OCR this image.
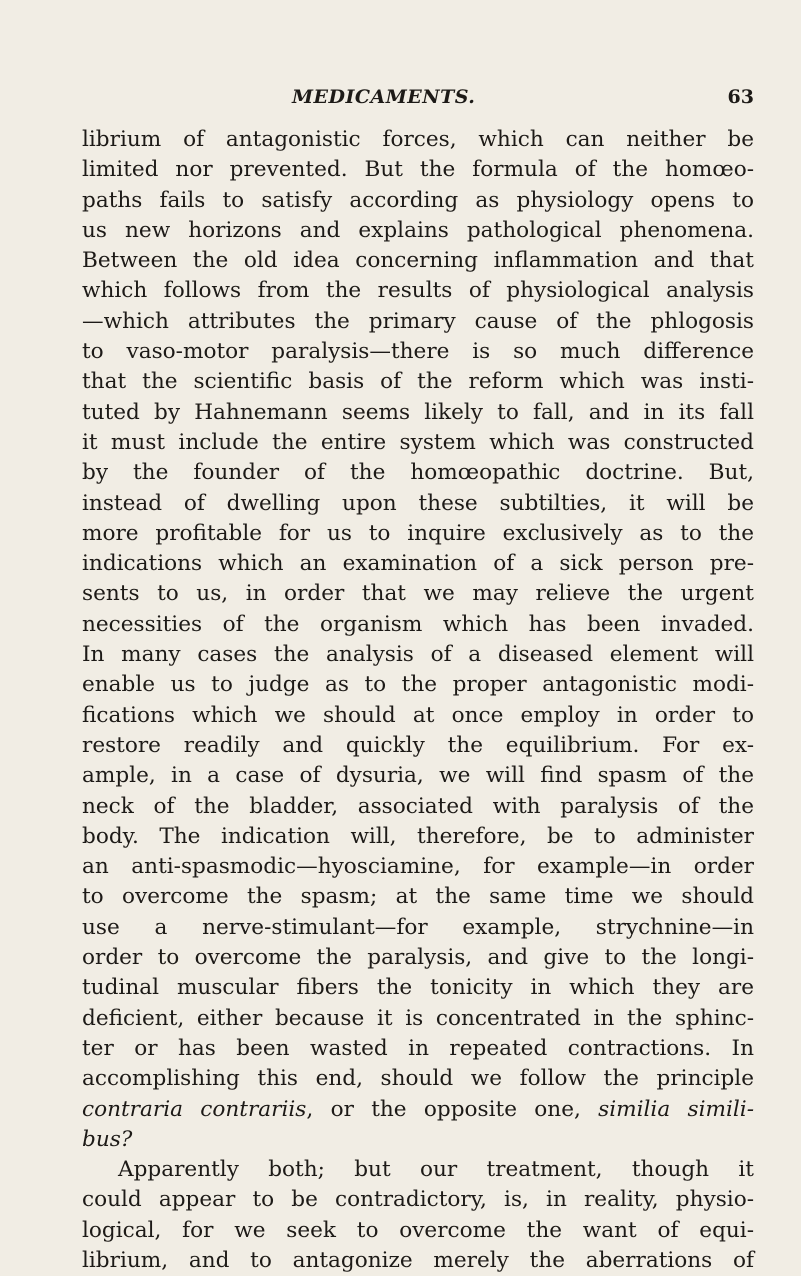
MEDICAMENTS.	63
librium of antagonistic forces, which can neither be
limited nor prevented. But the formula of the homœo-
paths fails to satisfy according as physiology opens to
us new horizons and explains pathological phenomena.
Between the old idea concerning inflammation and that
which follows from the results of physiological analysis
—which attributes the primary cause of the phlogosis
to vaso-motor paralysis—there is so much difference
that the scientific basis of the reform which was insti-
tuted by Hahnemann seems likely to fall, and in its fall
it must include the entire system which was constructed
by the founder of the homœopathic doctrine. But,
instead of dwelling upon these subtilties, it will be
more profitable for us to inquire exclusively as to the
indications which an examination of a sick person pre-
sents to us, in order that we may relieve the urgent
necessities of the organism which has been invaded.
In many cases the analysis of a diseased element will
enable us to judge as to the proper antagonistic modi-
fications which we should at once employ in order to
restore readily and quickly the equilibrium. For ex-
ample, in a case of dysuria, we will find spasm of the
neck of the bladder, associated with paralysis of the
body. The indication will, therefore, be to administer
an anti-spasmodic—hyosciamine, for example—in order
to overcome the spasm; at the same time we should
use a nerve-stimulant—for example, strychnine—in
order to overcome the paralysis, and give to the longi-
tudinal muscular fibers the tonicity in which they are
deficient, either because it is concentrated in the sphinc-
ter or has been wasted in repeated contractions. In
accomplishing this end, should we follow the principle
contraria contrariis, or the opposite one, similia simili-
bus?
Apparently both; but our treatment, though it
could appear to be contradictory, is, in reality, physio-
logical, for we seek to overcome the want of equi-
librium, and to antagonize merely the aberrations of
